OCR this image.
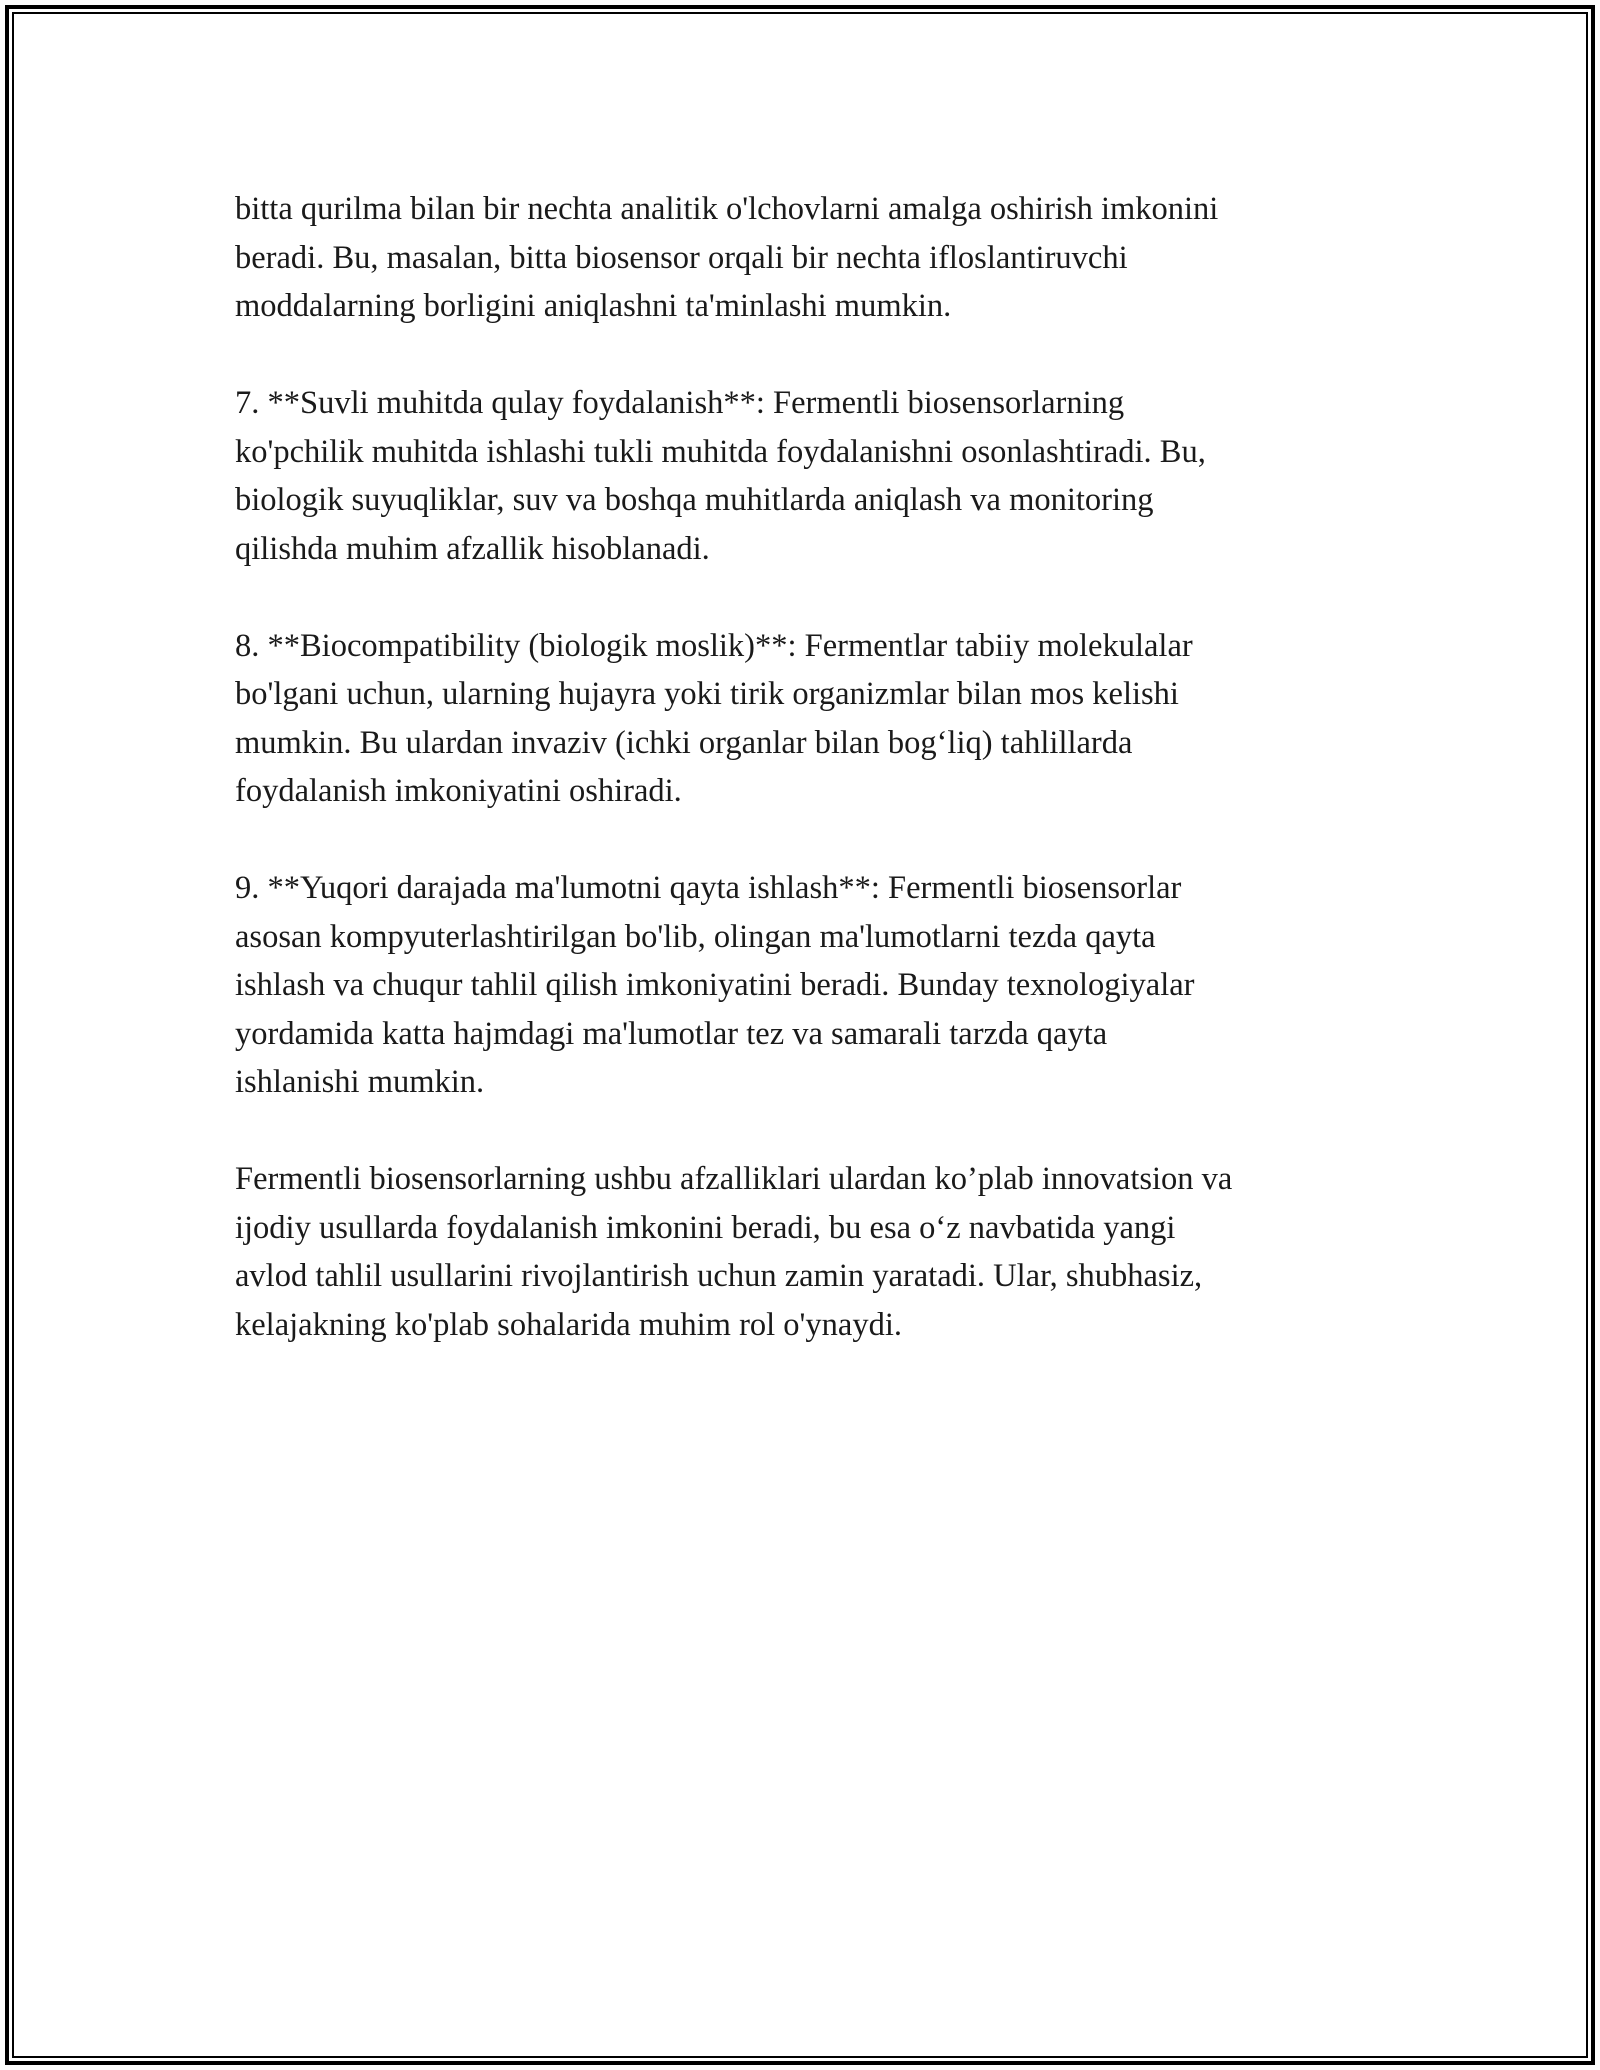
bitta qurilma bilan bir nechta analitik o'lchovlarni amalga oshirish imkonini
beradi. Bu, masalan, bitta biosensor orqali bir nechta ifloslantiruvchi
moddalarning borligini aniqlashni ta'minlashi mumkin.

7. **Suvli muhitda qulay foydalanish**: Fermentli biosensorlarning
ko'pchilik muhitda ishlashi tukli muhitda foydalanishni osonlashtiradi. Bu,
biologik suyuqliklar, suv va boshqa muhitlarda aniqlash va monitoring
qilishda muhim afzallik hisoblanadi.

8. **Biocompatibility (biologik moslik)**: Fermentlar tabiiy molekulalar
bo'lgani uchun, ularning hujayra yoki tirik organizmlar bilan mos kelishi
mumkin. Bu ulardan invaziv (ichki organlar bilan bog‘liq) tahlillarda
foydalanish imkoniyatini oshiradi.

9. **Yuqori darajada ma'lumotni qayta ishlash**: Fermentli biosensorlar
asosan kompyuterlashtirilgan bo'lib, olingan ma'lumotlarni tezda qayta
ishlash va chuqur tahlil qilish imkoniyatini beradi. Bunday texnologiyalar
yordamida katta hajmdagi ma'lumotlar tez va samarali tarzda qayta
ishlanishi mumkin.

Fermentli biosensorlarning ushbu afzalliklari ulardan ko’plab innovatsion va
ijodiy usullarda foydalanish imkonini beradi, bu esa o‘z navbatida yangi
avlod tahlil usullarini rivojlantirish uchun zamin yaratadi. Ular, shubhasiz,
kelajakning ko'plab sohalarida muhim rol o'ynaydi.
